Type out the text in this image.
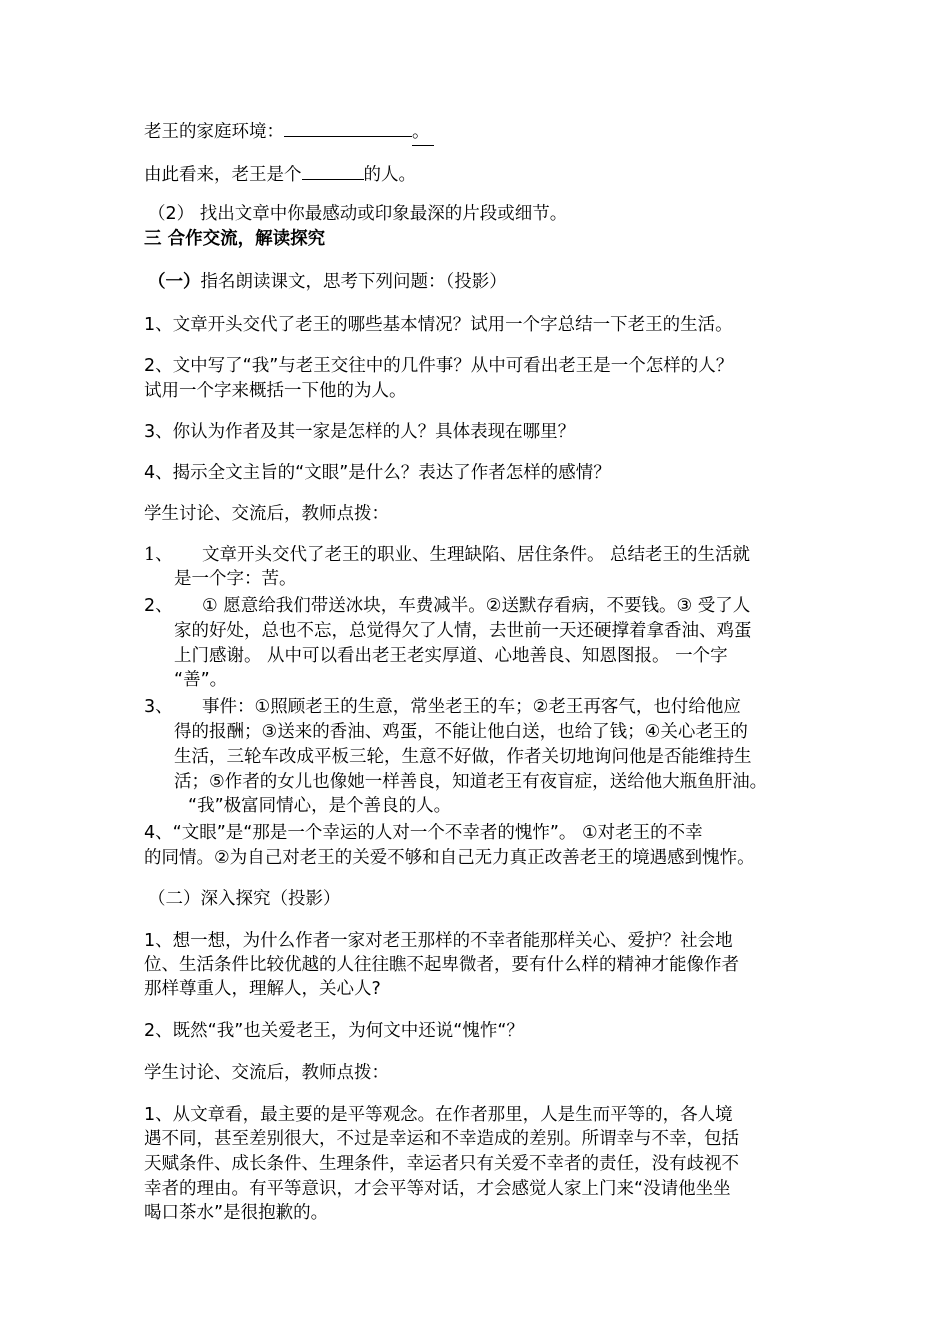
老王的家庭环境：	。

由此看来，老王是个	的人。

（2） 找出文章中你最感动或印象最深的片段或细节。

三 合作交流，解读探究

（一）指名朗读课文，思考下列问题：（投影）

1、文章开头交代了老王的哪些基本情况？试用一个字总结一下老王的生活。

2、文中写了“我”与老王交往中的几件事？从中可看出老王是一个怎样的人？

试用一个字来概括一下他的为人。

3、你认为作者及其一家是怎样的人？具体表现在哪里？

4、揭示全文主旨的“文眼”是什么？表达了作者怎样的感情？

学生讨论、交流后，教师点拨：

1、 文章开头交代了老王的职业、生理缺陷、居住条件。 总结老王的生活就

是一个字：苦。

2、 ① 愿意给我们带送冰块，车费减半。②送默存看病，不要钱。③ 受了人

家的好处，总也不忘，总觉得欠了人情，去世前一天还硬撑着拿香油、鸡蛋

上门感谢。 从中可以看出老王老实厚道、心地善良、知恩图报。 一个字

“善”。

3、 事件：①照顾老王的生意，常坐老王的车；②老王再客气，也付给他应

得的报酬；③送来的香油、鸡蛋，不能让他白送，也给了钱；④关心老王的

生活，三轮车改成平板三轮，生意不好做，作者关切地询问他是否能维持生

活；⑤作者的女儿也像她一样善良，知道老王有夜盲症，送给他大瓶鱼肝油。

“我”极富同情心，是个善良的人。

4、“文眼”是“那是一个幸运的人对一个不幸者的愧怍”。 ①对老王的不幸

的同情。②为自己对老王的关爱不够和自己无力真正改善老王的境遇感到愧怍。

（二）深入探究（投影）

1、想一想，为什么作者一家对老王那样的不幸者能那样关心、爱护？社会地

位、生活条件比较优越的人往往瞧不起卑微者，要有什么样的精神才能像作者

那样尊重人，理解人，关心人?

2、既然“我”也关爱老王，为何文中还说“愧怍“？

学生讨论、交流后，教师点拨：

1、从文章看，最主要的是平等观念。在作者那里，人是生而平等的，各人境

遇不同，甚至差别很大，不过是幸运和不幸造成的差别。所谓幸与不幸，包括

天赋条件、成长条件、生理条件，幸运者只有关爱不幸者的责任，没有歧视不

幸者的理由。有平等意识，才会平等对话，才会感觉人家上门来“没请他坐坐

喝口茶水”是很抱歉的。
